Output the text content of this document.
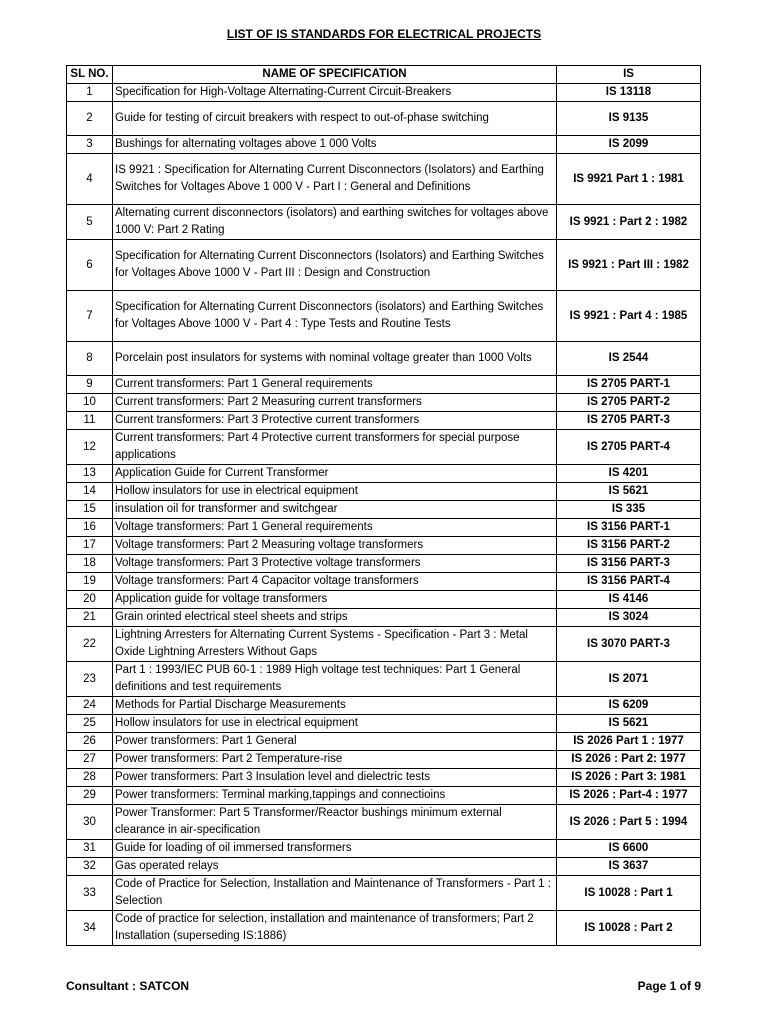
LIST OF IS STANDARDS FOR ELECTRICAL PROJECTS
SL NO.	NAME OF SPECIFICATION	IS
1	Specification for High-Voltage Alternating-Current Circuit-Breakers	IS 13118
2	Guide for testing of circuit breakers with respect to out-of-phase switching	IS 9135
3	Bushings for alternating voltages above 1 000 Volts	IS 2099
4	IS 9921 : Specification for Alternating Current Disconnectors (Isolators) and Earthing Switches for Voltages Above 1 000 V - Part I : General and Definitions	IS 9921 Part 1 : 1981
5	Alternating current disconnectors (isolators) and earthing switches for voltages above 1000 V: Part 2 Rating	IS 9921 : Part 2 : 1982
6	Specification for Alternating Current Disconnectors (Isolators) and Earthing Switches for Voltages Above 1000 V - Part III : Design and Construction	IS 9921 : Part III : 1982
7	Specification for Alternating Current Disconnectors (isolators) and Earthing Switches for Voltages Above 1000 V - Part 4 : Type Tests and Routine Tests	IS 9921 : Part 4 : 1985
8	Porcelain post insulators for systems with nominal voltage greater than 1000 Volts	IS 2544
9	Current transformers: Part 1 General requirements	IS 2705 PART-1
10	Current transformers: Part 2 Measuring current transformers	IS 2705 PART-2
11	Current transformers: Part 3 Protective current transformers	IS 2705 PART-3
12	Current transformers: Part 4 Protective current transformers for special purpose applications	IS 2705 PART-4
13	Application Guide for Current Transformer	IS 4201
14	Hollow insulators for use in electrical equipment	IS 5621
15	insulation oil for transformer and switchgear	IS 335
16	Voltage transformers: Part 1 General requirements	IS 3156 PART-1
17	Voltage transformers: Part 2 Measuring voltage transformers	IS 3156 PART-2
18	Voltage transformers: Part 3 Protective voltage transformers	IS 3156 PART-3
19	Voltage transformers: Part 4 Capacitor voltage transformers	IS 3156 PART-4
20	Application guide for voltage transformers	IS 4146
21	Grain orinted electrical steel sheets and strips	IS 3024
22	Lightning Arresters for Alternating Current Systems - Specification - Part 3 : Metal Oxide Lightning Arresters Without Gaps	IS 3070 PART-3
23	Part 1 : 1993/IEC PUB 60-1 : 1989 High voltage test techniques: Part 1 General definitions and test requirements	IS 2071
24	Methods for Partial Discharge Measurements	IS 6209
25	Hollow insulators for use in electrical equipment	IS 5621
26	Power transformers: Part 1 General	IS 2026 Part 1 : 1977
27	Power transformers: Part 2 Temperature-rise	IS 2026 : Part 2: 1977
28	Power transformers: Part 3 Insulation level and dielectric tests	IS 2026 : Part 3: 1981
29	Power transformers: Terminal marking,tappings and connectioins	IS 2026 : Part-4 : 1977
30	Power Transformer: Part 5 Transformer/Reactor bushings minimum external clearance in air-specification	IS 2026 : Part 5 : 1994
31	Guide for loading of oil immersed transformers	IS 6600
32	Gas operated relays	IS 3637
33	Code of Practice for Selection, Installation and Maintenance of Transformers - Part 1 : Selection	IS 10028 : Part 1
34	Code of practice for selection, installation and maintenance of transformers; Part 2 Installation (superseding IS:1886)	IS 10028 : Part 2
Consultant : SATCON	Page 1 of 9
